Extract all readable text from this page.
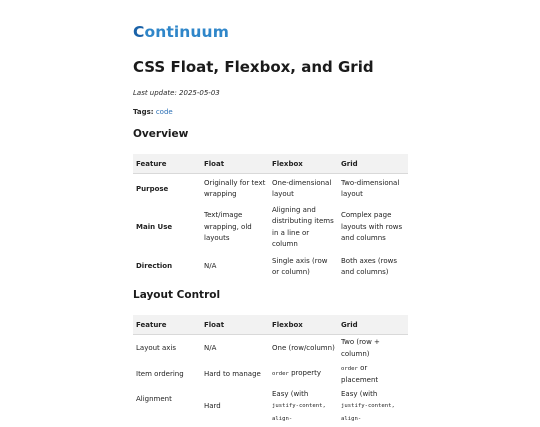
Continuum
CSS Float, Flexbox, and Grid
Last update: 2025-05-03
Tags: code
Overview
Feature	Float	Flexbox	Grid
Purpose	Originally for text wrapping	One-dimensional layout	Two-dimensional layout
Main Use	Text/image wrapping, old layouts	Aligning and distributing items in a line or column	Complex page layouts with rows and columns
Direction	N/A	Single axis (row or column)	Both axes (rows and columns)
Layout Control
Feature	Float	Flexbox	Grid
Layout axis	N/A	One (row/column)	Two (row + column)
Item ordering	Hard to manage	order property	order or placement
Alignment	Hard	Easy (with justify-content, align-	Easy (with justify-content, align-
